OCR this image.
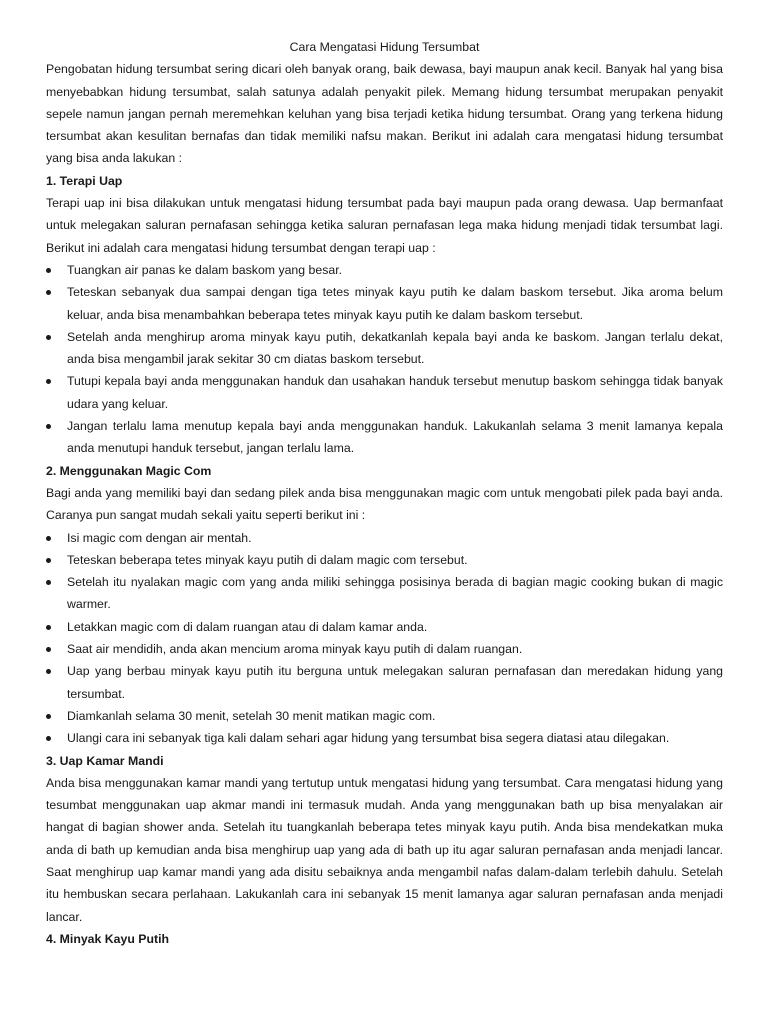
Cara Mengatasi Hidung Tersumbat

Pengobatan hidung tersumbat sering dicari oleh banyak orang, baik dewasa, bayi maupun anak kecil. Banyak hal yang bisa menyebabkan hidung tersumbat, salah satunya adalah penyakit pilek. Memang hidung tersumbat merupakan penyakit sepele namun jangan pernah meremehkan keluhan yang bisa terjadi ketika hidung tersumbat. Orang yang terkena hidung tersumbat akan kesulitan bernafas dan tidak memiliki nafsu makan. Berikut ini adalah cara mengatasi hidung tersumbat yang bisa anda lakukan :

1. Terapi Uap

Terapi uap ini bisa dilakukan untuk mengatasi hidung tersumbat pada bayi maupun pada orang dewasa. Uap bermanfaat untuk melegakan saluran pernafasan sehingga ketika saluran pernafasan lega maka hidung menjadi tidak tersumbat lagi. Berikut ini adalah cara mengatasi hidung tersumbat dengan terapi uap :

Tuangkan air panas ke dalam baskom yang besar.
Teteskan sebanyak dua sampai dengan tiga tetes minyak kayu putih ke dalam baskom tersebut. Jika aroma belum keluar, anda bisa menambahkan beberapa tetes minyak kayu putih ke dalam baskom tersebut.
Setelah anda menghirup aroma minyak kayu putih, dekatkanlah kepala bayi anda ke baskom. Jangan terlalu dekat, anda bisa mengambil jarak sekitar 30 cm diatas baskom tersebut.
Tutupi kepala bayi anda menggunakan handuk dan usahakan handuk tersebut menutup baskom sehingga tidak banyak udara yang keluar.
Jangan terlalu lama menutup kepala bayi anda menggunakan handuk. Lakukanlah selama 3 menit lamanya kepala anda menutupi handuk tersebut, jangan terlalu lama.
2. Menggunakan Magic Com

Bagi anda yang memiliki bayi dan sedang pilek anda bisa menggunakan magic com untuk mengobati pilek pada bayi anda. Caranya pun sangat mudah sekali yaitu seperti berikut ini :

Isi magic com dengan air mentah.
Teteskan beberapa tetes minyak kayu putih di dalam magic com tersebut.
Setelah itu nyalakan magic com yang anda miliki sehingga posisinya berada di bagian magic cooking bukan di magic warmer.
Letakkan magic com di dalam ruangan atau di dalam kamar anda.
Saat air mendidih, anda akan mencium aroma minyak kayu putih di dalam ruangan.
Uap yang berbau minyak kayu putih itu berguna untuk melegakan saluran pernafasan dan meredakan hidung yang tersumbat.
Diamkanlah selama 30 menit, setelah 30 menit matikan magic com.
Ulangi cara ini sebanyak tiga kali dalam sehari agar hidung yang tersumbat bisa segera diatasi atau dilegakan.
3. Uap Kamar Mandi

Anda bisa menggunakan kamar mandi yang tertutup untuk mengatasi hidung yang tersumbat. Cara mengatasi hidung yang tesumbat menggunakan uap akmar mandi ini termasuk mudah. Anda yang menggunakan bath up bisa menyalakan air hangat di bagian shower anda. Setelah itu tuangkanlah beberapa tetes minyak kayu putih. Anda bisa mendekatkan muka anda di bath up kemudian anda bisa menghirup uap yang ada di bath up itu agar saluran pernafasan anda menjadi lancar. Saat menghirup uap kamar mandi yang ada disitu sebaiknya anda mengambil nafas dalam-dalam terlebih dahulu. Setelah itu hembuskan secara perlahaan. Lakukanlah cara ini sebanyak 15 menit lamanya agar saluran pernafasan anda menjadi lancar.

4. Minyak Kayu Putih
